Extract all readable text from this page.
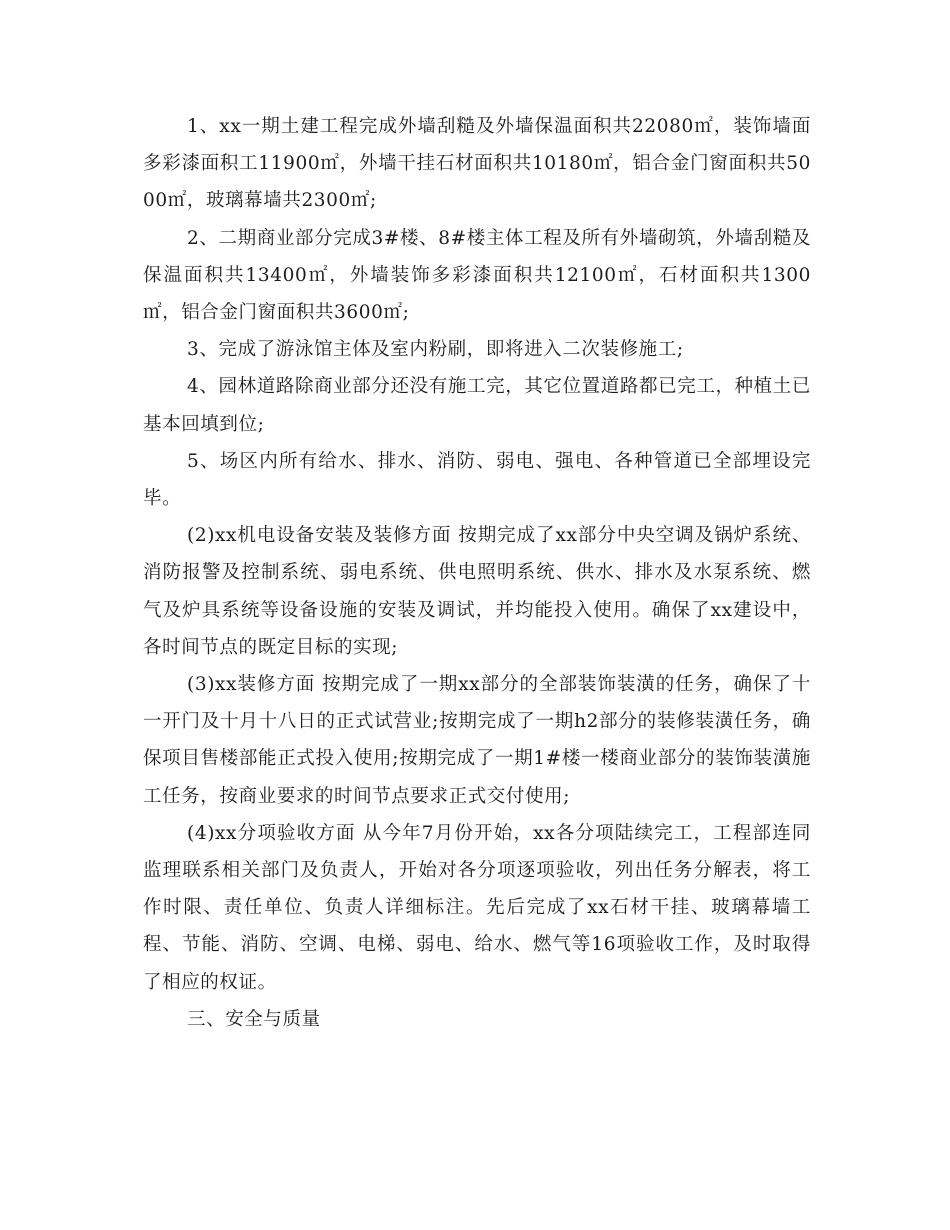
1、xx一期土建工程完成外墙刮糙及外墙保温面积共22080㎡，装饰墙面多彩漆面积工11900㎡，外墙干挂石材面积共10180㎡，铝合金门窗面积共5000㎡，玻璃幕墙共2300㎡;

2、二期商业部分完成3#楼、8#楼主体工程及所有外墙砌筑，外墙刮糙及保温面积共13400㎡，外墙装饰多彩漆面积共12100㎡，石材面积共1300㎡，铝合金门窗面积共3600㎡;

3、完成了游泳馆主体及室内粉刷，即将进入二次装修施工;

4、园林道路除商业部分还没有施工完，其它位置道路都已完工，种植土已基本回填到位;

5、场区内所有给水、排水、消防、弱电、强电、各种管道已全部埋设完毕。

(2)xx机电设备安装及装修方面 按期完成了xx部分中央空调及锅炉系统、消防报警及控制系统、弱电系统、供电照明系统、供水、排水及水泵系统、燃气及炉具系统等设备设施的安装及调试，并均能投入使用。确保了xx建设中，各时间节点的既定目标的实现;

(3)xx装修方面 按期完成了一期xx部分的全部装饰装潢的任务，确保了十一开门及十月十八日的正式试营业;按期完成了一期h2部分的装修装潢任务，确保项目售楼部能正式投入使用;按期完成了一期1#楼一楼商业部分的装饰装潢施工任务，按商业要求的时间节点要求正式交付使用;

(4)xx分项验收方面 从今年7月份开始，xx各分项陆续完工，工程部连同监理联系相关部门及负责人，开始对各分项逐项验收，列出任务分解表，将工作时限、责任单位、负责人详细标注。先后完成了xx石材干挂、玻璃幕墙工程、节能、消防、空调、电梯、弱电、给水、燃气等16项验收工作，及时取得了相应的权证。

三、安全与质量
